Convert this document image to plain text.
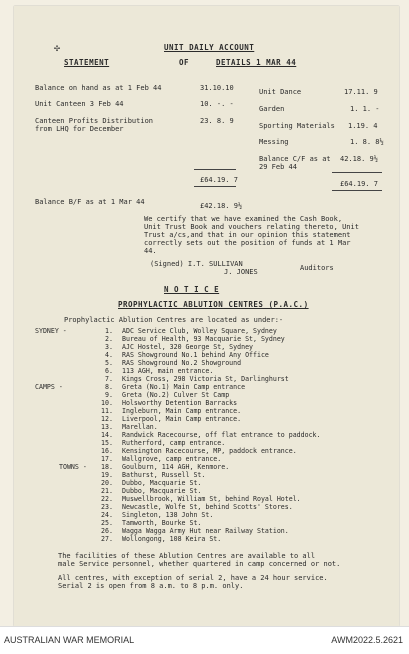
✣	UNIT DAILY ACCOUNT
STATEMENT	OF	DETAILS 1 MAR 44
Balance on hand as at 1 Feb 44	31.10.10
Unit Canteen 3 Feb 44	10. -. -
Canteen Profits Distribution	23. 8. 9
from LHQ for December
Unit Dance	17.11. 9
Garden	1. 1. -
Sporting Materials 1.19. 4
Messing	1. 8. 8½
Balance C/F as at 42.18. 9½
29 Feb 44
£64.19. 7	£64.19. 7
Balance B/F as at 1 Mar 44	£42.18. 9½
We certify that we have examined the Cash Book,
Unit Trust Book and vouchers relating thereto, Unit
Trust a/cs,and that in our opinion this statement
correctly sets out the position of funds at 1 Mar
44.
(Signed) I.T. SULLIVAN
J. JONES	Auditors
N O T I C E
PROPHYLACTIC ABLUTION CENTRES (P.A.C.)
Prophylactic Ablution Centres are located as under:-
SYDNEY -	1. ADC Service Club, Wolley Square, Sydney
2. Bureau of Health, 93 Macquarie St, Sydney
3. AJC Hostel, 320 George St, Sydney
4. RAS Showground No.1 behind Any Office
5. RAS Showground No.2 Showground
6. 113 AGH, main entrance.
7. Kings Cross, 298 Victoria St, Darlinghurst
CAMPS -	8. Greta (No.1) Main Camp entrance
9. Greta (No.2) Culver St Camp
10. Holsworthy Detention Barracks
11. Ingleburn, Main Camp entrance.
12. Liverpool, Main Camp entrance.
13. Marellan.
14. Randwick Racecourse, off flat entrance to paddock.
15. Rutherford, camp entrance.
16. Kensington Racecourse, MP, paddock entrance.
17. Wallgrove, camp entrance.
TOWNS - 18. Goulburn, 114 AGH, Kenmore.
19. Bathurst, Russell St.
20. Dubbo, Macquarie St.
21. Dubbo, Macquarie St.
22. Muswellbrook, William St, behind Royal Hotel.
23. Newcastle, Wolfe St, behind Scotts' Stores.
24. Singleton, 138 John St.
25. Tamworth, Bourke St.
26. Wagga Wagga Army Hut near Railway Station.
27. Wollongong, 108 Keira St.
The facilities of these Ablution Centres are available to all
male Service personnel, whether quartered in camp concerned or not.
All centres, with exception of serial 2, have a 24 hour service.
Serial 2 is open from 8 a.m. to 8 p.m. only.
AUSTRALIAN WAR MEMORIAL	AWM2022.5.2621
